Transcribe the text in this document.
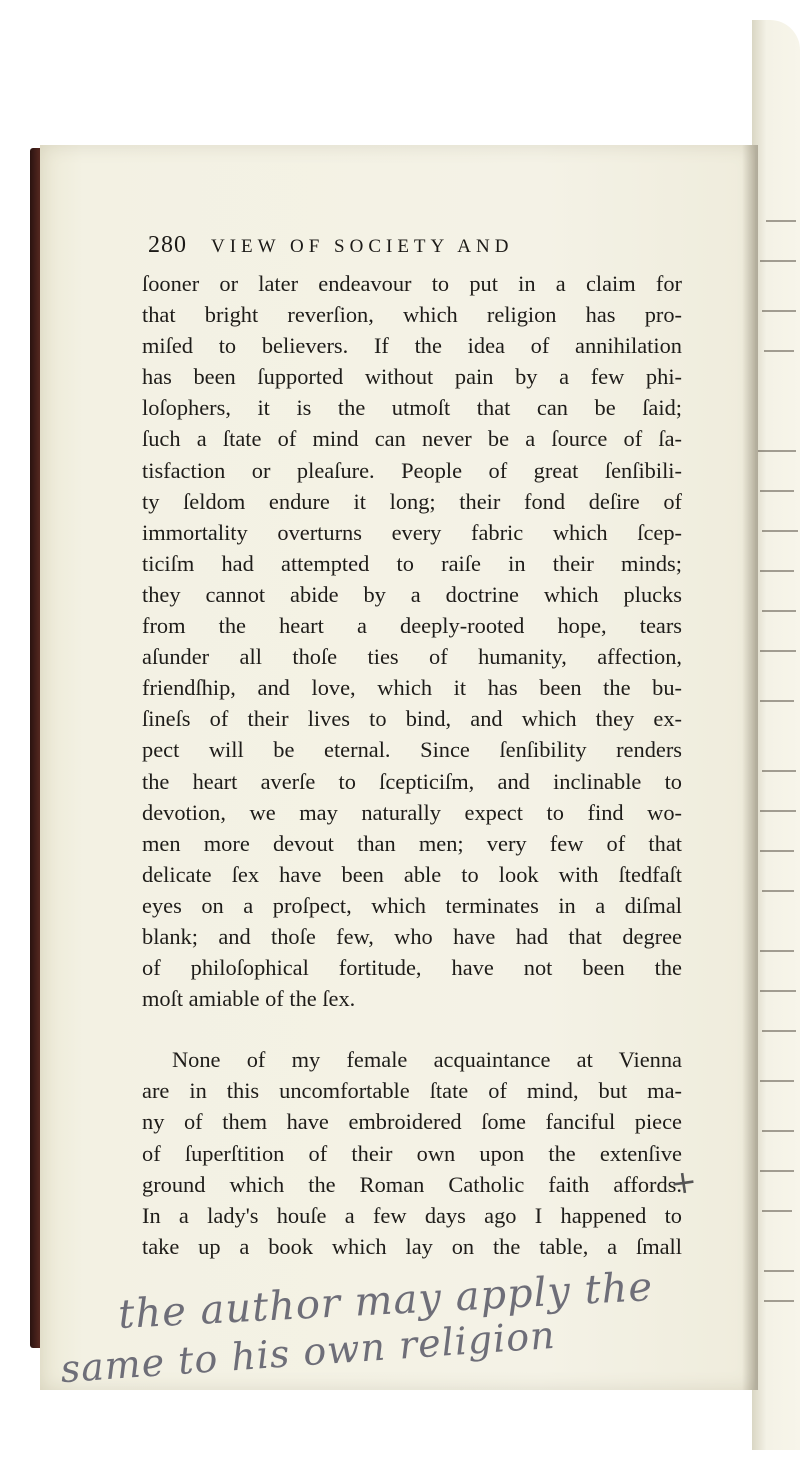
280 VIEW OF SOCIETY AND
ſooner or later endeavour to put in a claim for
that bright reverſion, which religion has pro-
miſed to believers. If the idea of annihilation
has been ſupported without pain by a few phi-
loſophers, it is the utmoſt that can be ſaid;
ſuch a ſtate of mind can never be a ſource of ſa-
tisfaction or pleaſure. People of great ſenſibili-
ty ſeldom endure it long; their fond deſire of
immortality overturns every fabric which ſcep-
ticiſm had attempted to raiſe in their minds;
they cannot abide by a doctrine which plucks
from the heart a deeply-rooted hope, tears
aſunder all thoſe ties of humanity, affection,
friendſhip, and love, which it has been the bu-
ſineſs of their lives to bind, and which they ex-
pect will be eternal. Since ſenſibility renders
the heart averſe to ſcepticiſm, and inclinable to
devotion, we may naturally expect to find wo-
men more devout than men; very few of that
delicate ſex have been able to look with ſtedfaſt
eyes on a proſpect, which terminates in a diſmal
blank; and thoſe few, who have had that degree
of philoſophical fortitude, have not been the
moſt amiable of the ſex.
None of my female acquaintance at Vienna
are in this uncomfortable ſtate of mind, but ma-
ny of them have embroidered ſome fanciful piece
of ſuperſtition of their own upon the extenſive
ground which the Roman Catholic faith affords.
In a lady's houſe a few days ago I happened to
take up a book which lay on the table, a ſmall
+
the author may apply the
same to his own religion
